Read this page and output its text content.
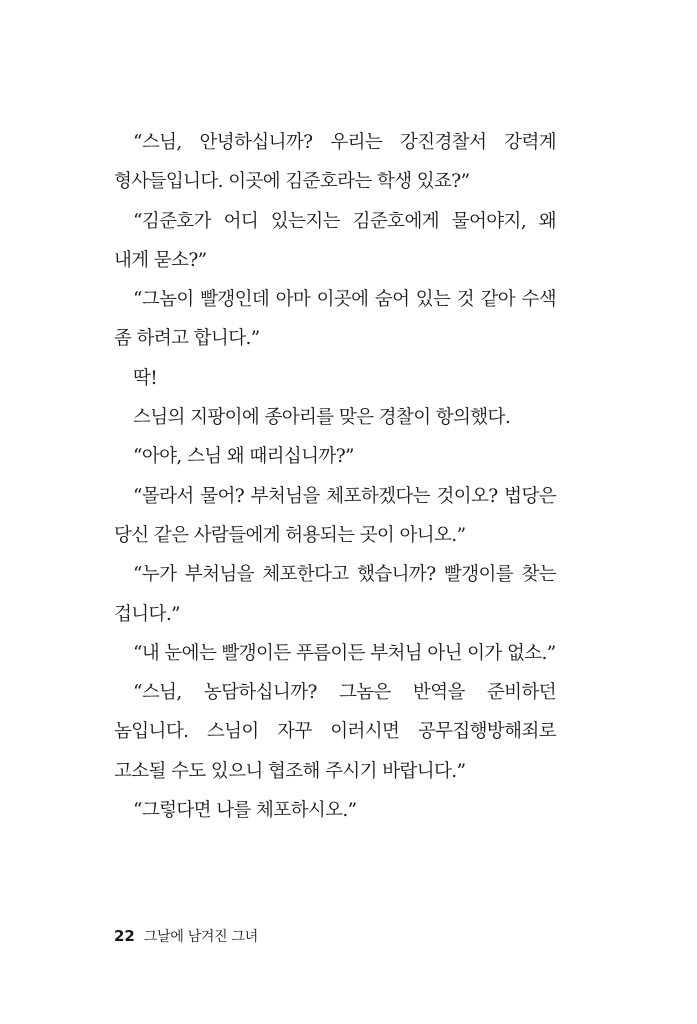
“스님, 안녕하십니까? 우리는 강진경찰서 강력계 형사들입니다. 이곳에 김준호라는 학생 있죠?”

“김준호가 어디 있는지는 김준호에게 물어야지, 왜 내게 묻소?”

“그놈이 빨갱인데 아마 이곳에 숨어 있는 것 같아 수색 좀 하려고 합니다.”

딱!

스님의 지팡이에 종아리를 맞은 경찰이 항의했다.

“아야, 스님 왜 때리십니까?”

“몰라서 물어? 부처님을 체포하겠다는 것이오? 법당은 당신 같은 사람들에게 허용되는 곳이 아니오.”

“누가 부처님을 체포한다고 했습니까? 빨갱이를 찾는 겁니다.”

“내 눈에는 빨갱이든 푸름이든 부처님 아닌 이가 없소.”

“스님, 농담하십니까? 그놈은 반역을 준비하던 놈입니다. 스님이 자꾸 이러시면 공무집행방해죄로 고소될 수도 있으니 협조해 주시기 바랍니다.”

“그렇다면 나를 체포하시오.”

22 그날에 남겨진 그녀
